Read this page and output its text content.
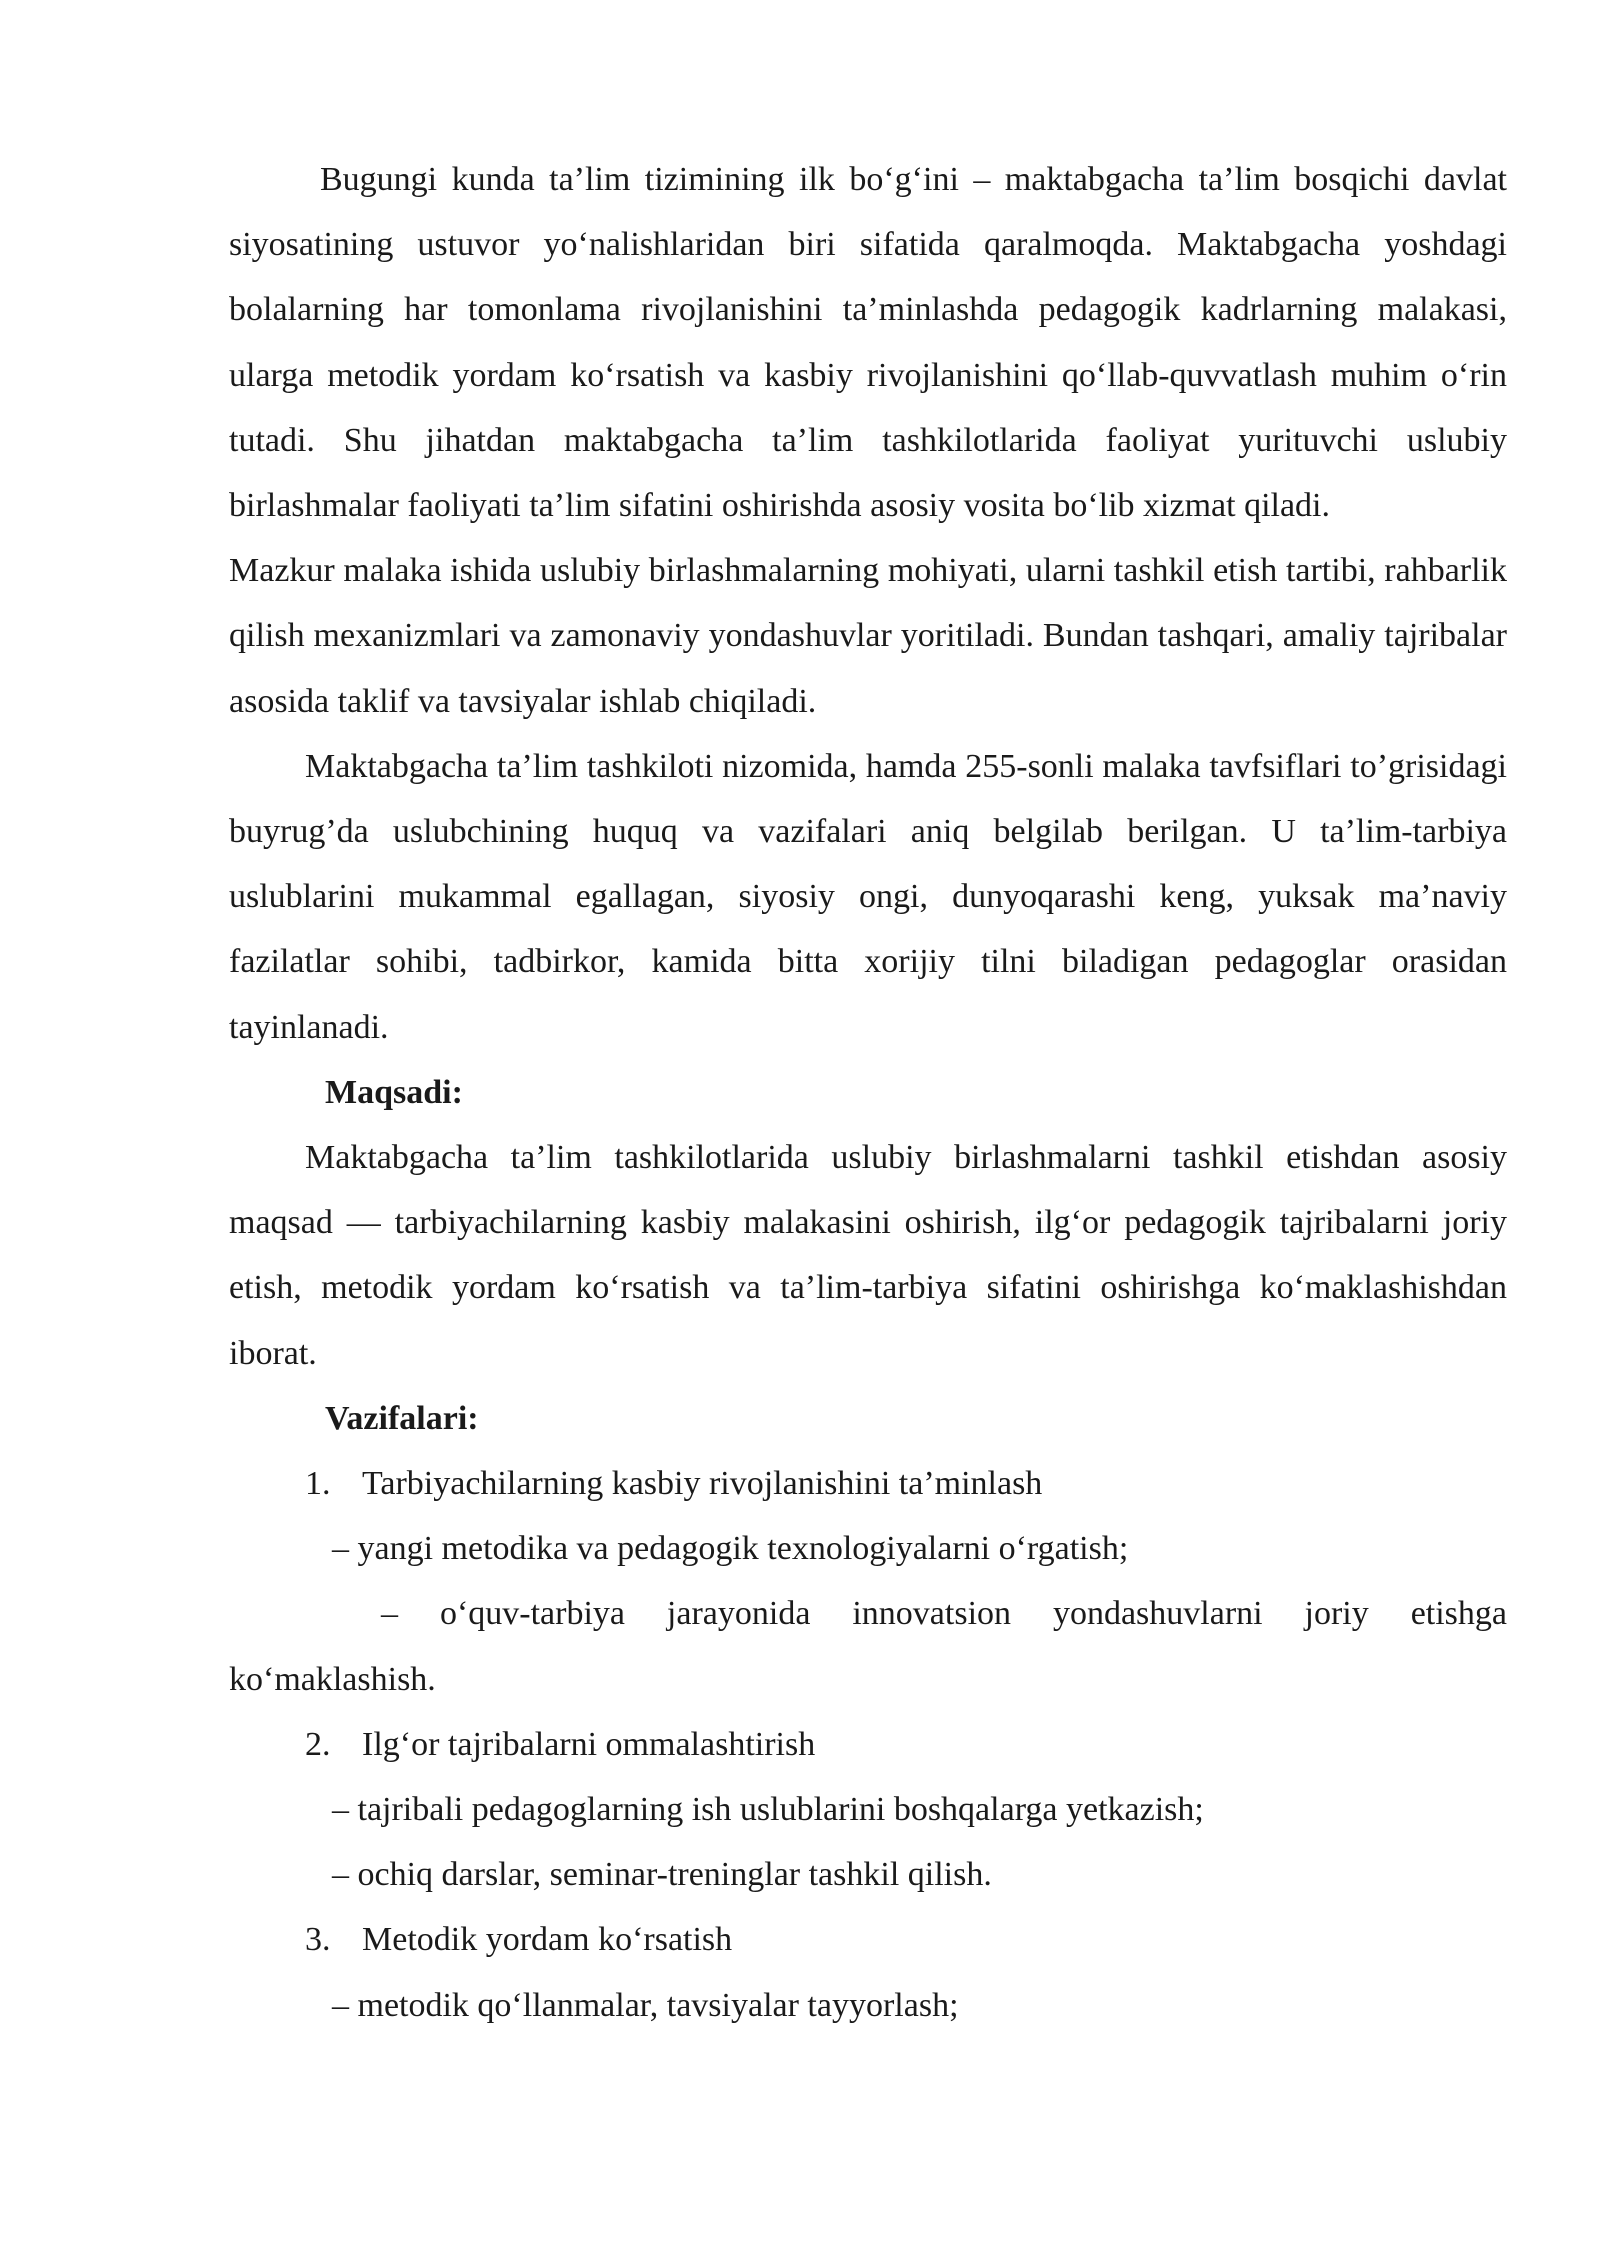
Bugungi kunda ta’lim tizimining ilk bo‘g‘ini – maktabgacha ta’lim bosqichi davlat siyosatining ustuvor yo‘nalishlaridan biri sifatida qaralmoqda. Maktabgacha yoshdagi bolalarning har tomonlama rivojlanishini ta’minlashda pedagogik kadrlarning malakasi, ularga metodik yordam ko‘rsatish va kasbiy rivojlanishini qo‘llab-quvvatlash muhim o‘rin tutadi. Shu jihatdan maktabgacha ta’lim tashkilotlarida faoliyat yurituvchi uslubiy birlashmalar faoliyati ta’lim sifatini oshirishda asosiy vosita bo‘lib xizmat qiladi.

Mazkur malaka ishida uslubiy birlashmalarning mohiyati, ularni tashkil etish tartibi, rahbarlik qilish mexanizmlari va zamonaviy yondashuvlar yoritiladi. Bundan tashqari, amaliy tajribalar asosida taklif va tavsiyalar ishlab chiqiladi.

Maktabgacha ta’lim tashkiloti nizomida, hamda 255-sonli malaka tavfsiflari to’grisidagi buyrug’da uslubchining huquq va vazifalari aniq belgilab berilgan. U ta’lim-tarbiya uslublarini mukammal egallagan, siyosiy ongi, dunyoqarashi keng, yuksak ma’naviy fazilatlar sohibi, tadbirkor, kamida bitta xorijiy tilni biladigan pedagoglar orasidan tayinlanadi.

Maqsadi:

Maktabgacha ta’lim tashkilotlarida uslubiy birlashmalarni tashkil etishdan asosiy maqsad — tarbiyachilarning kasbiy malakasini oshirish, ilg‘or pedagogik tajribalarni joriy etish, metodik yordam ko‘rsatish va ta’lim-tarbiya sifatini oshirishga ko‘maklashishdan iborat.

Vazifalari:

1. Tarbiyachilarning kasbiy rivojlanishini ta’minlash

– yangi metodika va pedagogik texnologiyalarni o‘rgatish;

– o‘quv-tarbiya jarayonida innovatsion yondashuvlarni joriy etishga ko‘maklashish.

2. Ilg‘or tajribalarni ommalashtirish

– tajribali pedagoglarning ish uslublarini boshqalarga yetkazish;

– ochiq darslar, seminar-treninglar tashkil qilish.

3. Metodik yordam ko‘rsatish

– metodik qo‘llanmalar, tavsiyalar tayyorlash;
